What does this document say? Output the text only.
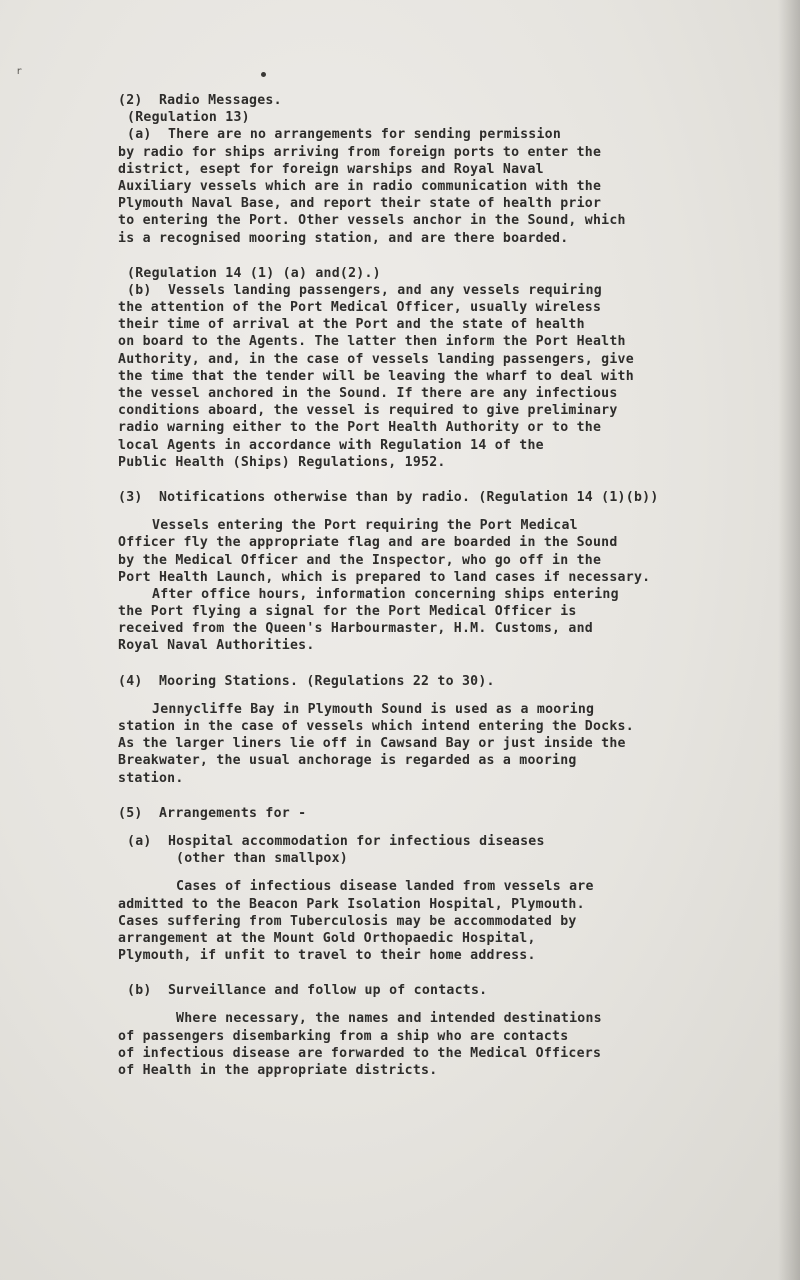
r
(2)  Radio Messages.
(Regulation 13)
(a)  There are no arrangements for sending permission
by radio for ships arriving from foreign ports to enter the
district, esept for foreign warships and Royal Naval
Auxiliary vessels which are in radio communication with the
Plymouth Naval Base, and report their state of health prior
to entering the Port. Other vessels anchor in the Sound, which
is a recognised mooring station, and are there boarded.
(Regulation 14 (1) (a) and(2).)
(b)  Vessels landing passengers, and any vessels requiring
the attention of the Port Medical Officer, usually wireless
their time of arrival at the Port and the state of health
on board to the Agents. The latter then inform the Port Health
Authority, and, in the case of vessels landing passengers, give
the time that the tender will be leaving the wharf to deal with
the vessel anchored in the Sound. If there are any infectious
conditions aboard, the vessel is required to give preliminary
radio warning either to the Port Health Authority or to the
local Agents in accordance with Regulation 14 of the
Public Health (Ships) Regulations, 1952.
(3)  Notifications otherwise than by radio. (Regulation 14 (1)(b))
Vessels entering the Port requiring the Port Medical
Officer fly the appropriate flag and are boarded in the Sound
by the Medical Officer and the Inspector, who go off in the
Port Health Launch, which is prepared to land cases if necessary.
After office hours, information concerning ships entering
the Port flying a signal for the Port Medical Officer is
received from the Queen's Harbourmaster, H.M. Customs, and
Royal Naval Authorities.
(4)  Mooring Stations. (Regulations 22 to 30).
Jennycliffe Bay in Plymouth Sound is used as a mooring
station in the case of vessels which intend entering the Docks.
As the larger liners lie off in Cawsand Bay or just inside the
Breakwater, the usual anchorage is regarded as a mooring
station.
(5)  Arrangements for -
(a)  Hospital accommodation for infectious diseases
(other than smallpox)
Cases of infectious disease landed from vessels are
admitted to the Beacon Park Isolation Hospital, Plymouth.
Cases suffering from Tuberculosis may be accommodated by
arrangement at the Mount Gold Orthopaedic Hospital,
Plymouth, if unfit to travel to their home address.
(b)  Surveillance and follow up of contacts.
Where necessary, the names and intended destinations
of passengers disembarking from a ship who are contacts
of infectious disease are forwarded to the Medical Officers
of Health in the appropriate districts.
